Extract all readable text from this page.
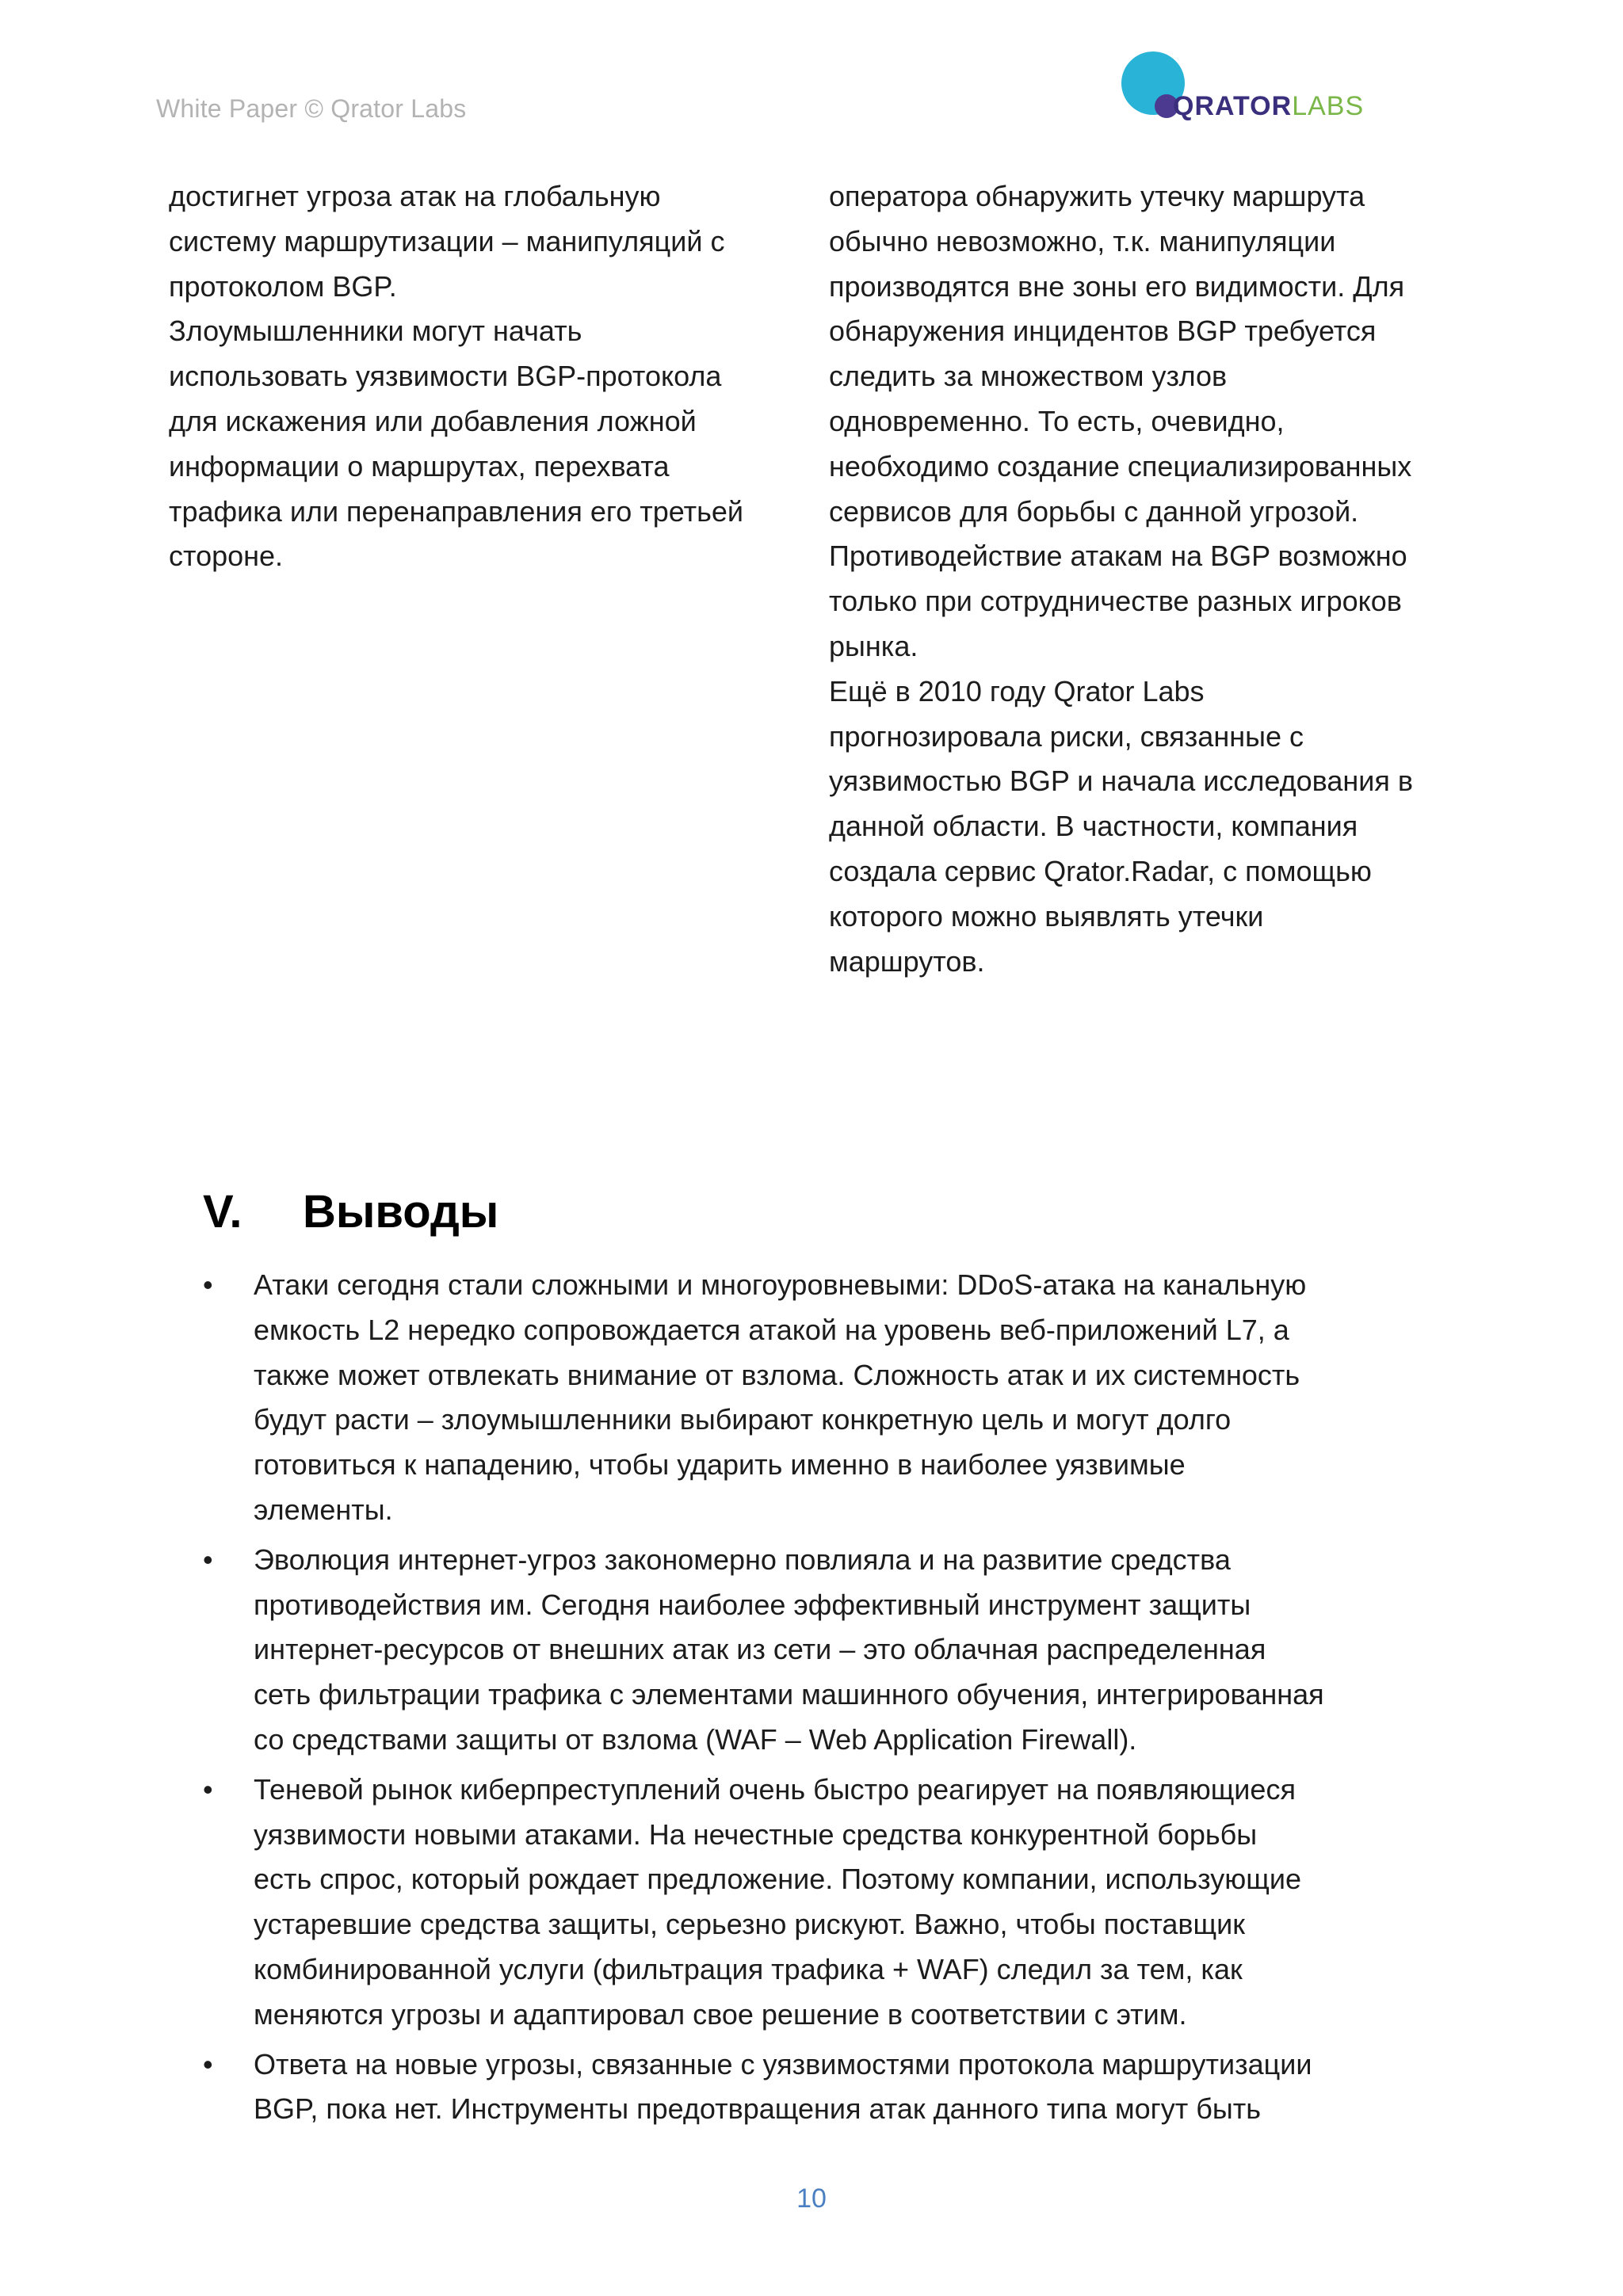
White Paper © Qrator Labs	QRATORLABS

достигнет угроза атак на глобальную
систему маршрутизации – манипуляций с
протоколом BGP.

Злоумышленники могут начать
использовать уязвимости BGP-протокола
для искажения или добавления ложной
информации о маршрутах, перехвата
трафика или перенаправления его третьей
стороне.

оператора обнаружить утечку маршрута
обычно невозможно, т.к. манипуляции
производятся вне зоны его видимости. Для
обнаружения инцидентов BGP требуется
следить за множеством узлов
одновременно. То есть, очевидно,
необходимо создание специализированных
сервисов для борьбы с данной угрозой.

Противодействие атакам на BGP возможно
только при сотрудничестве разных игроков
рынка.

Ещё в 2010 году Qrator Labs
прогнозировала риски, связанные с
уязвимостью BGP и начала исследования в
данной области. В частности, компания
создала сервис Qrator.Radar, с помощью
которого можно выявлять утечки
маршрутов.

V. Выводы
•	Атаки сегодня стали сложными и многоуровневыми: DDoS-атака на канальную
емкость L2 нередко сопровождается атакой на уровень веб-приложений L7, а
также может отвлекать внимание от взлома. Сложность атак и их системность
будут расти – злоумышленники выбирают конкретную цель и могут долго
готовиться к нападению, чтобы ударить именно в наиболее уязвимые
элементы.
•	Эволюция интернет-угроз закономерно повлияла и на развитие средства
противодействия им. Сегодня наиболее эффективный инструмент защиты
интернет-ресурсов от внешних атак из сети – это облачная распределенная
сеть фильтрации трафика с элементами машинного обучения, интегрированная
со средствами защиты от взлома (WAF – Web Application Firewall).
•	Теневой рынок киберпреступлений очень быстро реагирует на появляющиеся
уязвимости новыми атаками. На нечестные средства конкурентной борьбы
есть спрос, который рождает предложение. Поэтому компании, использующие
устаревшие средства защиты, серьезно рискуют. Важно, чтобы поставщик
комбинированной услуги (фильтрация трафика + WAF) следил за тем, как
меняются угрозы и адаптировал свое решение в соответствии с этим.
•	Ответа на новые угрозы, связанные с уязвимостями протокола маршрутизации
BGP, пока нет. Инструменты предотвращения атак данного типа могут быть
10
